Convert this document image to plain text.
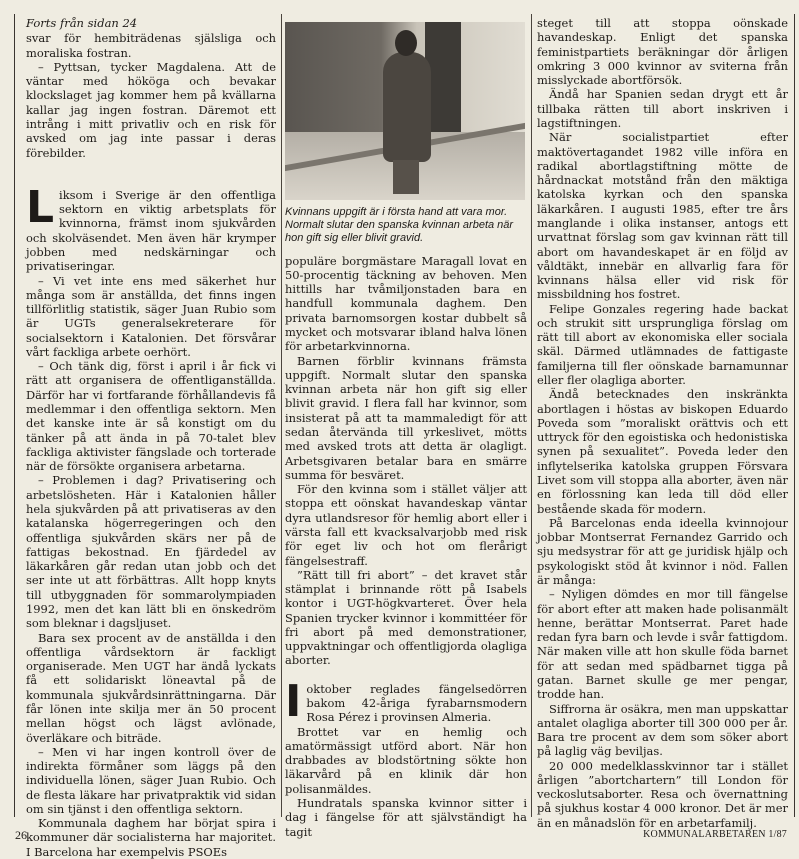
Forts från sidan 24

svar för hembiträdenas själsliga och moraliska fostran.

– Pyttsan, tycker Magdalena. Att de väntar med hököga och bevakar klockslaget jag kommer hem på kvällarna kallar jag ingen fostran. Däremot ett intrång i mitt privatliv och en risk för avsked om jag inte passar i deras förebilder.

Liksom i Sverige är den offentliga sektorn en viktig arbetsplats för kvinnorna, främst inom sjukvården och skolväsendet. Men även här krymper jobben med nedskärningar och privatiseringar.

– Vi vet inte ens med säkerhet hur många som är anställda, det finns ingen tillförlitlig statistik, säger Juan Rubio som är UGTs generalsekreterare för socialsektorn i Katalonien. Det försvårar vårt fackliga arbete oerhört.

– Och tänk dig, först i april i år fick vi rätt att organisera de offentliganställda. Därför har vi fortfarande förhållandevis få medlemmar i den offentliga sektorn. Men det kanske inte är så konstigt om du tänker på att ända in på 70-talet blev fackliga aktivister fängslade och torterade när de försökte organisera arbetarna.

– Problemen i dag? Privatisering och arbetslösheten. Här i Katalonien håller hela sjukvården på att privatiseras av den katalanska högerregeringen och den offentliga sjukvården skärs ner på de fattigas bekostnad. En fjärdedel av läkarkåren går redan utan jobb och det ser inte ut att förbättras. Allt hopp knyts till utbyggnaden för sommarolympiaden 1992, men det kan lätt bli en önskedröm som bleknar i dagsljuset.

Bara sex procent av de anställda i den offentliga vårdsektorn är fackligt organiserade. Men UGT har ändå lyckats få ett solidariskt löneavtal på de kommunala sjukvårdsinrättningarna. Där får lönen inte skilja mer än 50 procent mellan högst och lägst avlönade, överläkare och biträde.

– Men vi har ingen kontroll över de indirekta förmåner som läggs på den individuella lönen, säger Juan Rubio. Och de flesta läkare har privatpraktik vid sidan om sin tjänst i den offentliga sektorn.

Kommunala daghem har börjat spira i kommuner där socialisterna har majoritet. I Barcelona har exempelvis PSOEs

Kvinnans uppgift är i första hand att vara mor. Normalt slutar den spanska kvinnan arbeta när hon gift sig eller blivit gravid.

populäre borgmästare Maragall lovat en 50-procentig täckning av behoven. Men hittills har tvåmiljonstaden bara en handfull kommunala daghem. Den privata barnomsorgen kostar dubbelt så mycket och motsvarar ibland halva lönen för arbetarkvinnorna.

Barnen förblir kvinnans främsta uppgift. Normalt slutar den spanska kvinnan arbeta när hon gift sig eller blivit gravid. I flera fall har kvinnor, som insisterat på att ta mammaledigt för att sedan återvända till yrkeslivet, mötts med avsked trots att detta är olagligt. Arbetsgivaren betalar bara en smärre summa för besväret.

För den kvinna som i stället väljer att stoppa ett oönskat havandeskap väntar dyra utlandsresor för hemlig abort eller i värsta fall ett kvacksalvarjobb med risk för eget liv och hot om flerårigt fängelsestraff.

”Rätt till fri abort” – det kravet står stämplat i brinnande rött på Isabels kontor i UGT-högkvarteret. Över hela Spanien trycker kvinnor i kommittéer för fri abort på med demonstrationer, uppvaktningar och offentligjorda olagliga aborter.

Ioktober reglades fängelsedörren bakom 42-åriga fyrabarnsmodern Rosa Pérez i provinsen Almeria.

Brottet var en hemlig och amatörmässigt utförd abort. När hon drabbades av blodstörtning sökte hon läkarvård på en klinik där hon polisanmäldes.

Hundratals spanska kvinnor sitter i dag i fängelse för att självständigt ha tagit

steget till att stoppa oönskade havandeskap. Enligt det spanska feministpartiets beräkningar dör årligen omkring 3 000 kvinnor av sviterna från misslyckade abortförsök.

Ändå har Spanien sedan drygt ett år tillbaka rätten till abort inskriven i lagstiftningen.

När socialistpartiet efter maktövertagandet 1982 ville införa en radikal abortlagstiftning mötte de hårdnackat motstånd från den mäktiga katolska kyrkan och den spanska läkarkåren. I augusti 1985, efter tre års manglande i olika instanser, antogs ett urvattnat förslag som gav kvinnan rätt till abort om havandeskapet är en följd av våldtäkt, innebär en allvarlig fara för kvinnans hälsa eller vid risk för missbildning hos fostret.

Felipe Gonzales regering hade backat och strukit sitt ursprungliga förslag om rätt till abort av ekonomiska eller sociala skäl. Därmed utlämnades de fattigaste familjerna till fler oönskade barnamunnar eller fler olagliga aborter.

Ändå betecknades den inskränkta abortlagen i höstas av biskopen Eduardo Poveda som ”moraliskt orättvis och ett uttryck för den egoistiska och hedonistiska synen på sexualitet”. Poveda leder den inflytelserika katolska gruppen Försvara Livet som vill stoppa alla aborter, även när en förlossning kan leda till död eller bestående skada för modern.

På Barcelonas enda ideella kvinnojour jobbar Montserrat Fernandez Garrido och sju medsystrar för att ge juridisk hjälp och psykologiskt stöd åt kvinnor i nöd. Fallen är många:

– Nyligen dömdes en mor till fängelse för abort efter att maken hade polisanmält henne, berättar Montserrat. Paret hade redan fyra barn och levde i svår fattigdom. När maken ville att hon skulle föda barnet för att sedan med spädbarnet tigga på gatan. Barnet skulle ge mer pengar, trodde han.

Siffrorna är osäkra, men man uppskattar antalet olagliga aborter till 300 000 per år. Bara tre procent av dem som söker abort på laglig väg beviljas.

20 000 medelklasskvinnor tar i stället årligen ”abortchartern” till London för veckoslutsaborter. Resa och övernattning på sjukhus kostar 4 000 kronor. Det är mer än en månadslön för en arbetarfamilj.

26	KOMMUNALARBETAREN 1/87
